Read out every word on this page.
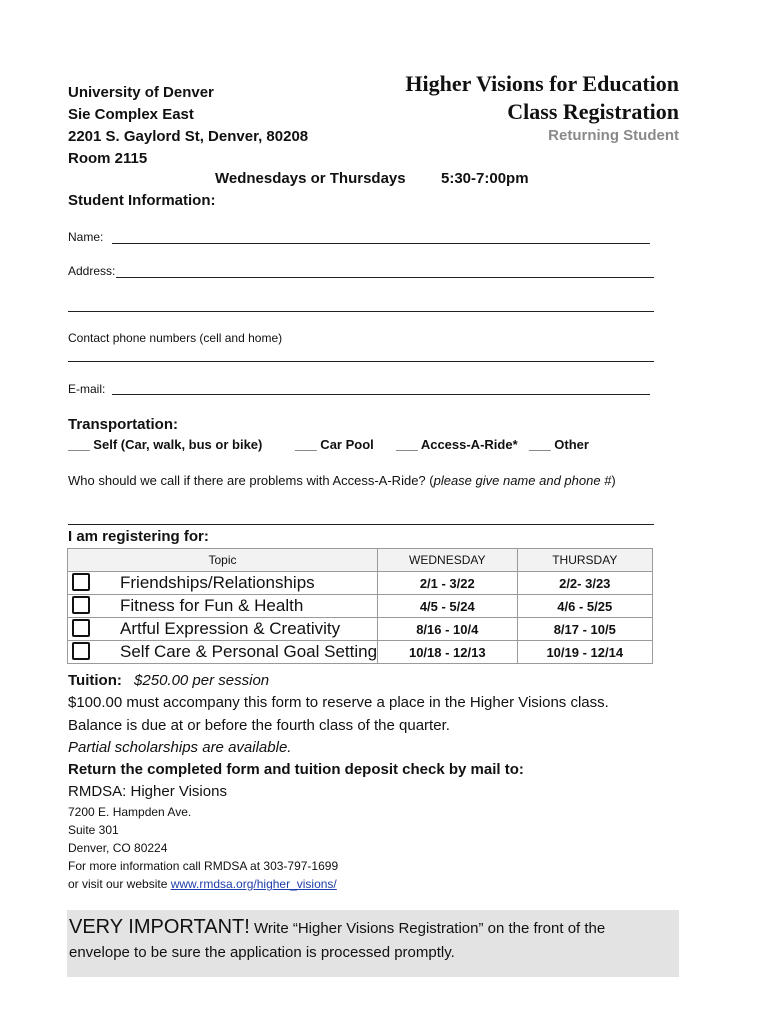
University of Denver
Sie Complex East
2201 S. Gaylord St, Denver, 80208
Room 2115
Higher Visions for Education
Class Registration
Returning Student
Wednesdays or Thursdays 5:30-7:00pm
Student Information:
Name:
Address:
Contact phone numbers (cell and home)
E-mail:
Transportation:
___ Self (Car, walk, bus or bike)	___ Car Pool ___ Access-A-Ride* ___ Other
Who should we call if there are problems with Access-A-Ride? (please give name and phone #)
I am registering for:
Topic	WEDNESDAY	THURSDAY
Friendships/Relationships	2/1 - 3/22	2/2- 3/23
Fitness for Fun & Health	4/5 - 5/24	4/6 - 5/25
Artful Expression & Creativity	8/16 - 10/4	8/17 - 10/5
Self Care & Personal Goal Setting	10/18 - 12/13	10/19 - 12/14
Tuition: $250.00 per session
$100.00 must accompany this form to reserve a place in the Higher Visions class.
Balance is due at or before the fourth class of the quarter.
Partial scholarships are available.
Return the completed form and tuition deposit check by mail to:
RMDSA: Higher Visions
7200 E. Hampden Ave.
Suite 301
Denver, CO 80224
For more information call RMDSA at 303-797-1699
or visit our website www.rmdsa.org/higher_visions/
VERY IMPORTANT! Write “Higher Visions Registration” on the front of the
envelope to be sure the application is processed promptly.
